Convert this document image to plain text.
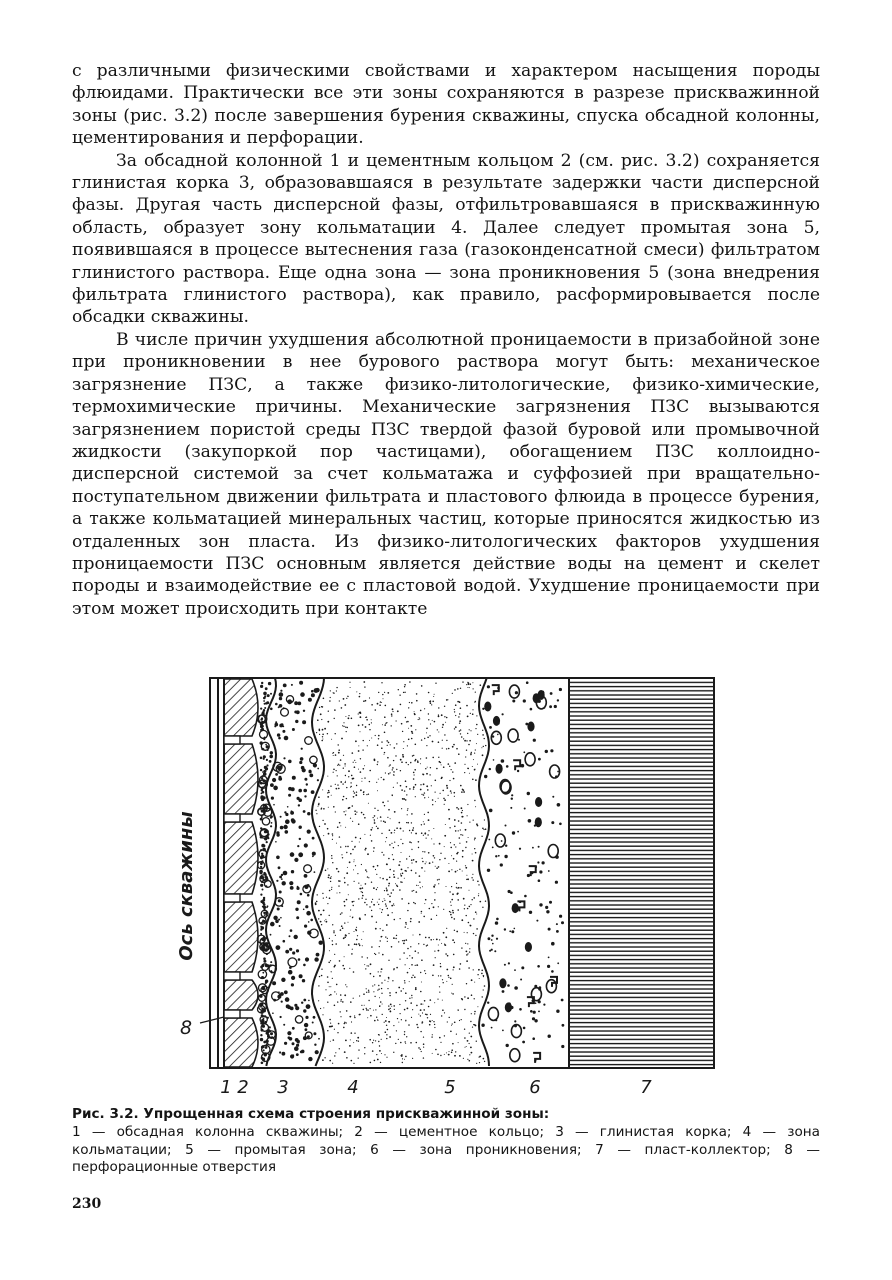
с различными физическими свойствами и характером насыщения породы флюидами. Практически все эти зоны сохраняются в разрезе прискважинной зоны (рис. 3.2) после завершения бурения скважины, спуска обсадной колонны, цементирования и перфорации.

За обсадной колонной 1 и цементным кольцом 2 (см. рис. 3.2) сохраняется глинистая корка 3, образовавшаяся в результате задержки части дисперсной фазы. Другая часть дисперсной фазы, отфильтровавшаяся в прискважинную область, образует зону кольматации 4. Далее следует промытая зона 5, появившаяся в процессе вытеснения газа (газоконденсатной смеси) фильтратом глинистого раствора. Еще одна зона — зона проникновения 5 (зона внедрения фильтрата глинистого раствора), как правило, расформировывается после обсадки скважины.

В числе причин ухудшения абсолютной проницаемости в призабойной зоне при проникновении в нее бурового раствора могут быть: механическое загрязнение ПЗС, а также физико-литологические, физико-химические, термохимические причины. Механические загрязнения ПЗС вызываются загрязнением пористой среды ПЗС твердой фазой буровой или промывочной жидкости (закупоркой пор частицами), обогащением ПЗС коллоидно-дисперсной системой за счет кольматажа и суффозией при вращательно-поступательном движении фильтрата и пластового флюида в процессе бурения, а также кольматацией минеральных частиц, которые приносятся жидкостью из отдаленных зон пласта. Из физико-литологических факторов ухудшения проницаемости ПЗС основным является действие воды на цемент и скелет породы и взаимодействие ее с пластовой водой. Ухудшение проницаемости при этом может происходить при контакте

8
Ось скважины
1 2 3	4	5	6	7
Рис. 3.2. Упрощенная схема строения прискважинной зоны:
1 — обсадная колонна скважины; 2 — цементное кольцо; 3 — глинистая корка; 4 — зона кольматации; 5 — промытая зона; 6 — зона проникновения; 7 — пласт-коллектор; 8 — перфорационные отверстия
230
